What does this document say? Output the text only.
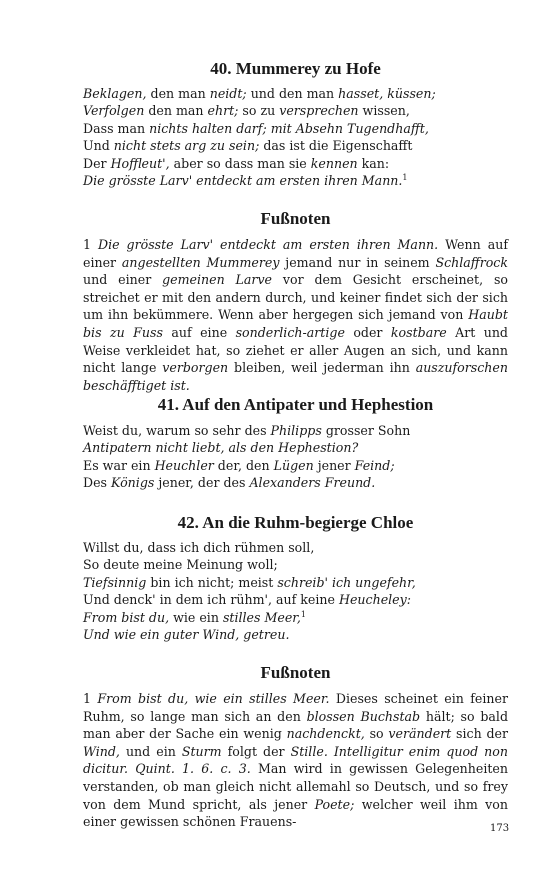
40. Mummerey zu Hofe
Beklagen, den man neidt; und den man hasset, küssen;
Verfolgen den man ehrt; so zu versprechen wissen,
Dass man nichts halten darf; mit Absehn Tugendhafft,
Und nicht stets arg zu sein; das ist die Eigenschafft
Der Hoffleut', aber so dass man sie kennen kan:
Die grösste Larv' entdeckt am ersten ihren Mann.$^1$
Fußnoten

1 Die grösste Larv' entdeckt am ersten ihren Mann. Wenn auf einer angestellten Mummerey jemand nur in seinem Schlaffrock und einer gemeinen Larve vor dem Gesicht erscheinet, so streichet er mit den andern durch, und keiner findet sich der sich um ihn bekümmere. Wenn aber hergegen sich jemand von Haubt bis zu Fuss auf eine sonderlich-artige oder kostbare Art und Weise verkleidet hat, so ziehet er aller Augen an sich, und kann nicht lange verborgen bleiben, weil jederman ihn auszuforschen beschäfftiget ist.

41. Auf den Antipater und Hephestion
Weist du, warum so sehr des Philipps grosser Sohn
Antipatern nicht liebt, als den Hephestion?
Es war ein Heuchler der, den Lügen jener Feind;
Des Königs jener, der des Alexanders Freund.
42. An die Ruhm-begierge Chloe
Willst du, dass ich dich rühmen soll,
So deute meine Meinung woll;
Tiefsinnig bin ich nicht; meist schreib' ich ungefehr,
Und denck' in dem ich rühm', auf keine Heucheley:
From bist du, wie ein stilles Meer,$^1$
Und wie ein guter Wind, getreu.
Fußnoten

1 From bist du, wie ein stilles Meer. Dieses scheinet ein feiner Ruhm, so lange man sich an den blossen Buchstab hält; so bald man aber der Sache ein wenig nachdenckt, so verändert sich der Wind, und ein Sturm folgt der Stille. Intelligitur enim quod non dicitur. Quint. 1. 6. c. 3. Man wird in gewissen Gelegenheiten verstanden, ob man gleich nicht allemahl so Deutsch, und so frey von dem Mund spricht, als jener Poete; welcher weil ihm von einer gewissen schönen Frauens-	173
